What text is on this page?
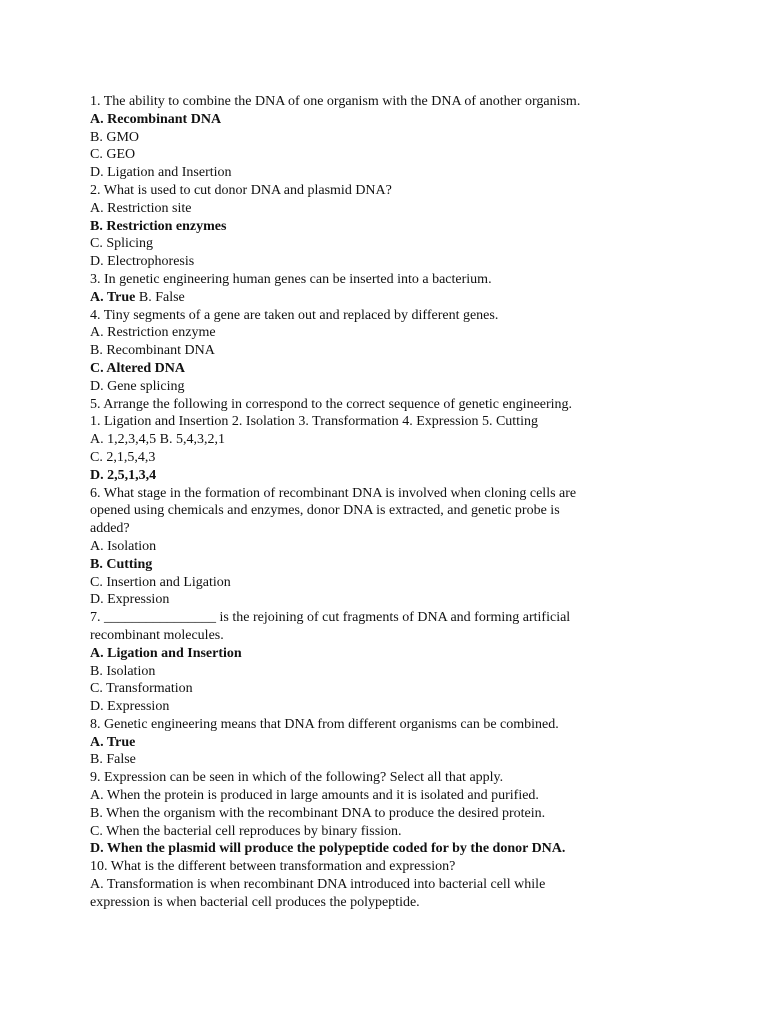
1. The ability to combine the DNA of one organism with the DNA of another organism.

A. Recombinant DNA

B. GMO

C. GEO

D. Ligation and Insertion

2. What is used to cut donor DNA and plasmid DNA?

A. Restriction site

B. Restriction enzymes

C. Splicing

D. Electrophoresis

3. In genetic engineering human genes can be inserted into a bacterium.

A. True B. False

4. Tiny segments of a gene are taken out and replaced by different genes.

A. Restriction enzyme

B. Recombinant DNA

C. Altered DNA

D. Gene splicing

5. Arrange the following in correspond to the correct sequence of genetic engineering.

1. Ligation and Insertion 2. Isolation 3. Transformation 4. Expression 5. Cutting

A. 1,2,3,4,5 B. 5,4,3,2,1

C. 2,1,5,4,3

D. 2,5,1,3,4

6. What stage in the formation of recombinant DNA is involved when cloning cells are

opened using chemicals and enzymes, donor DNA is extracted, and genetic probe is

added?

A. Isolation

B. Cutting

C. Insertion and Ligation

D. Expression

7. ________________ is the rejoining of cut fragments of DNA and forming artificial

recombinant molecules.

A. Ligation and Insertion

B. Isolation

C. Transformation

D. Expression

8. Genetic engineering means that DNA from different organisms can be combined.

A. True

B. False

9. Expression can be seen in which of the following? Select all that apply.

A. When the protein is produced in large amounts and it is isolated and purified.

B. When the organism with the recombinant DNA to produce the desired protein.

C. When the bacterial cell reproduces by binary fission.

D. When the plasmid will produce the polypeptide coded for by the donor DNA.

10. What is the different between transformation and expression?

A. Transformation is when recombinant DNA introduced into bacterial cell while

expression is when bacterial cell produces the polypeptide.
